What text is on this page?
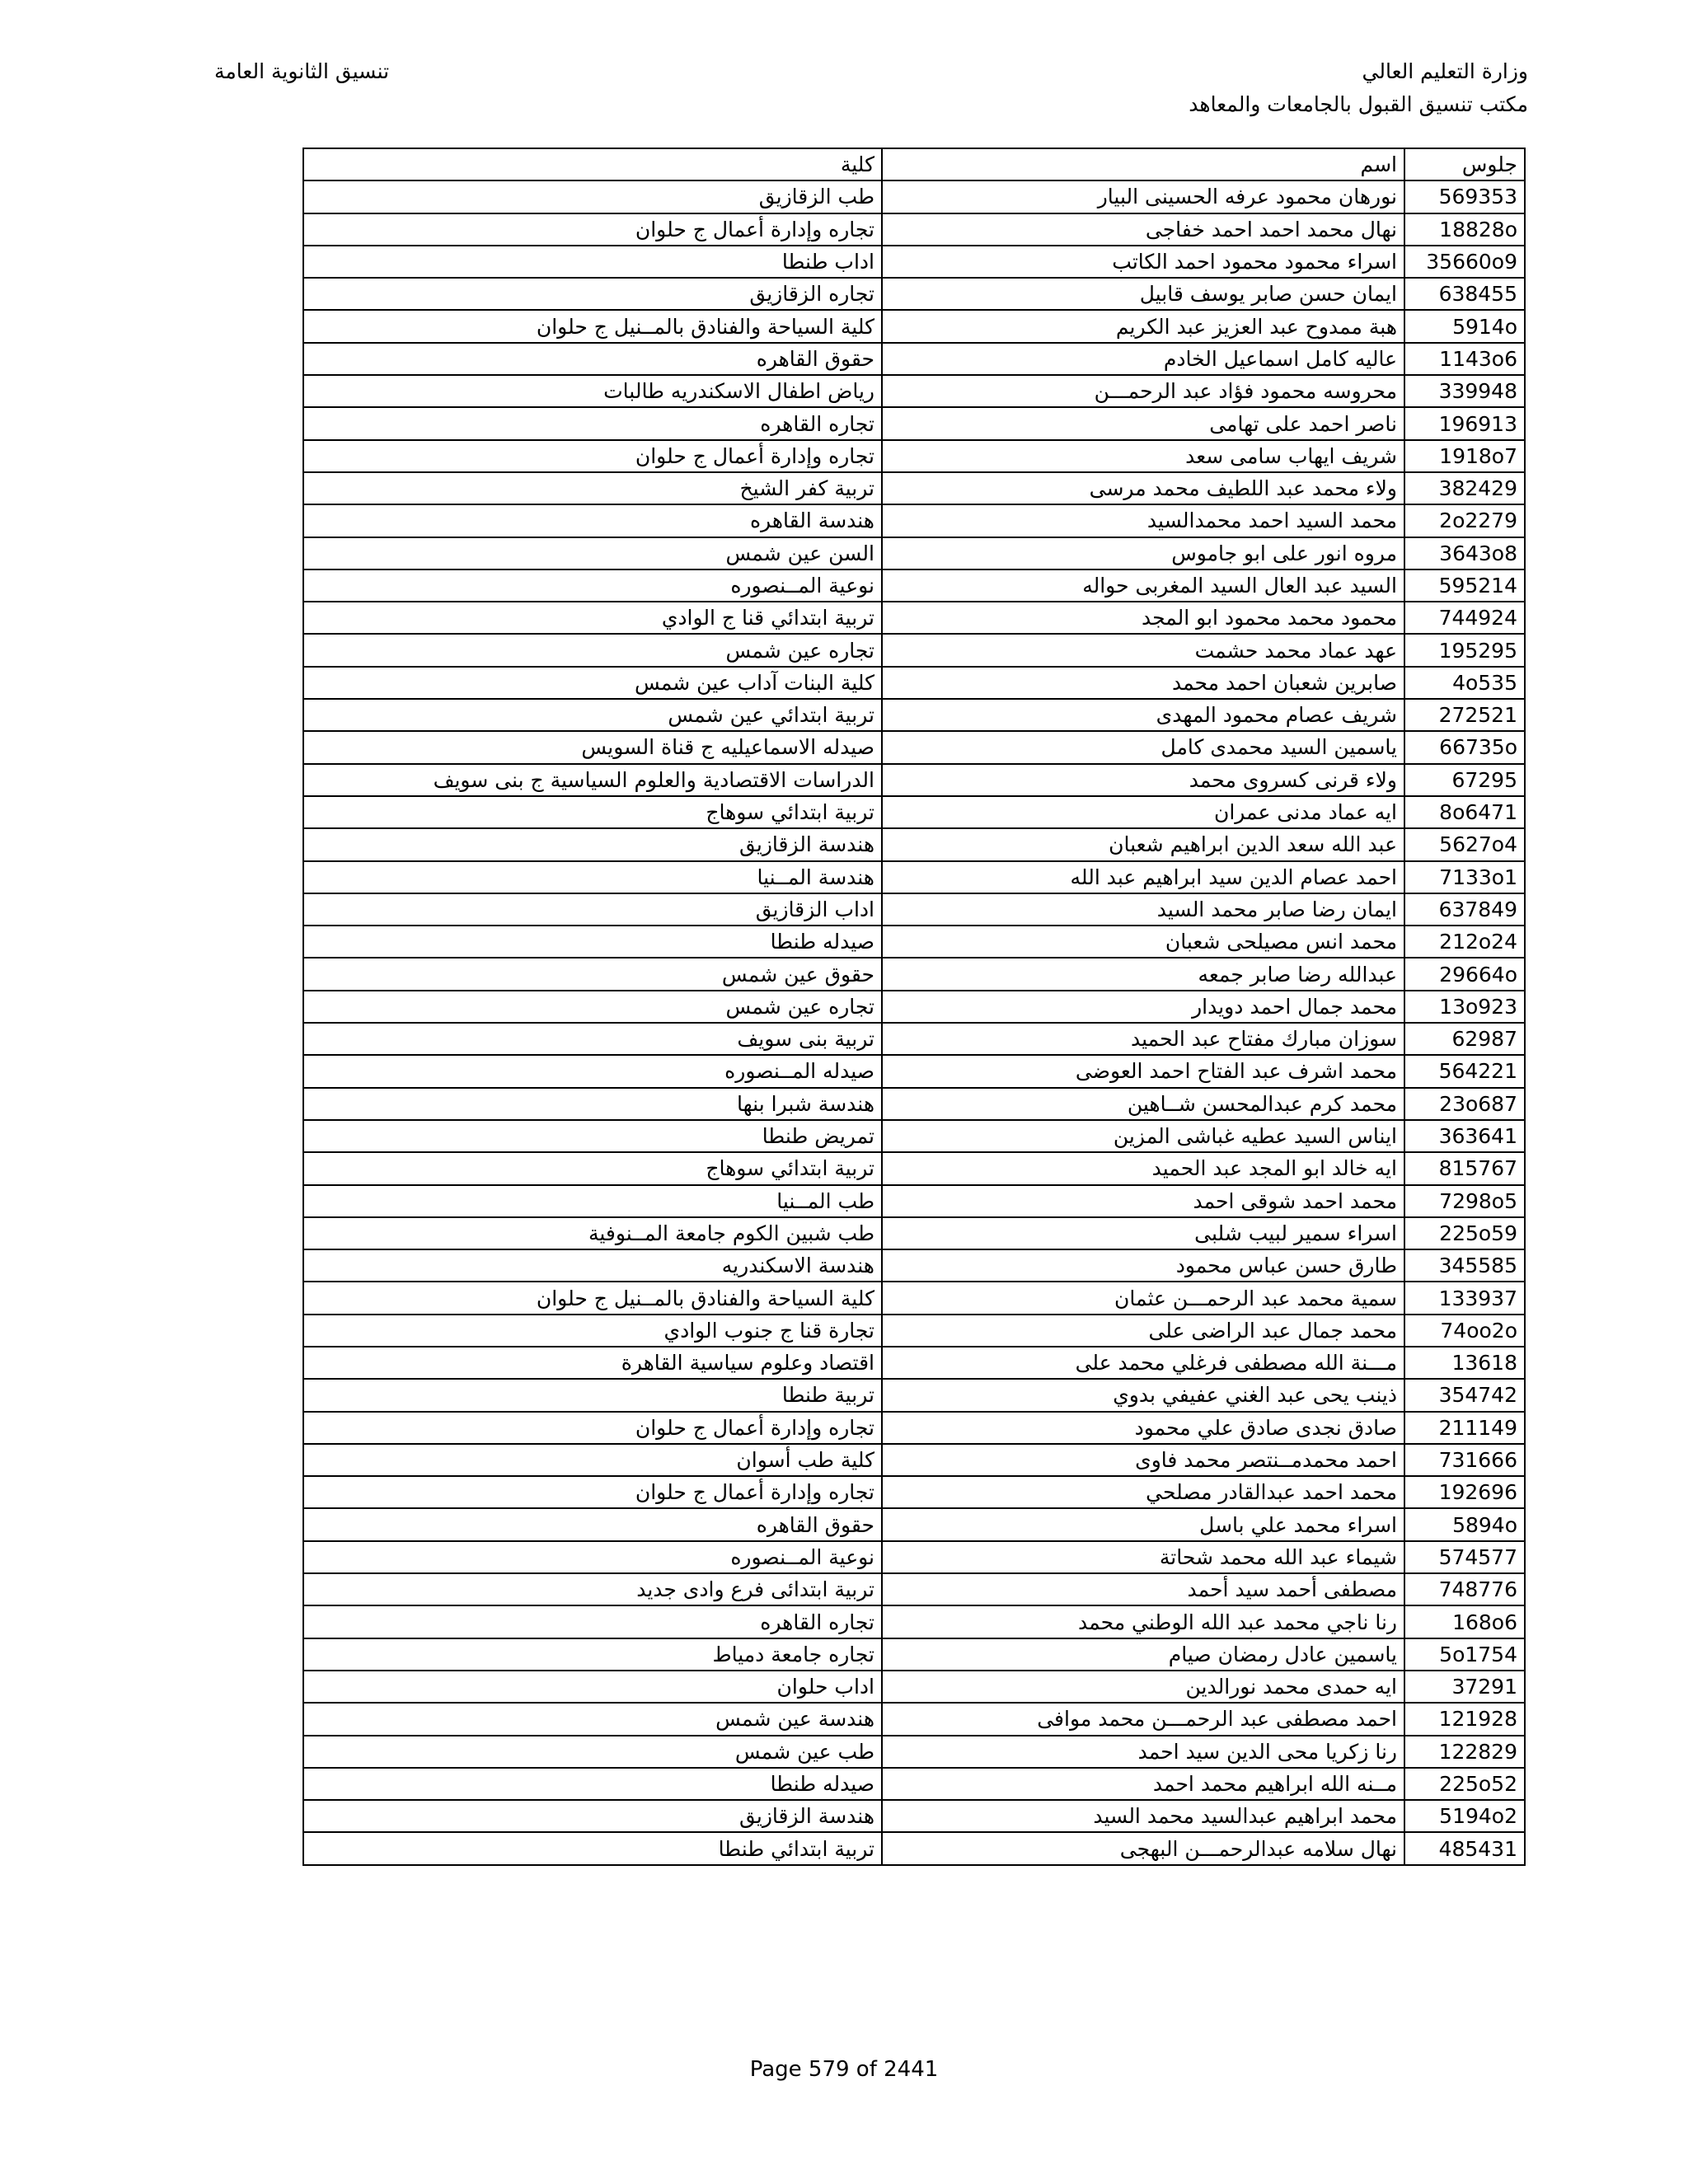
وزارة التعليم العالي
مكتب تنسيق القبول بالجامعات والمعاهد
تنسيق الثانوية العامة
جلوس	اسم	كلية
569353	نورهان محمود عرفه الحسينى البيار	طب الزقازيق
18828o	نهال محمد احمد احمد خفاجى	تجاره وإدارة أعمال ج حلوان
35660o9	اسراء محمود محمود احمد الكاتب	اداب طنطا
638455	ايمان حسن صابر يوسف قابيل	تجاره الزقازيق
5914o	هبة ممدوح عبد العزيز عبد الكريم	كلية السياحة والفنادق بالمــنيل ج حلوان
1143o6	عاليه كامل اسماعيل الخادم	حقوق القاهره
339948	محروسه محمود فؤاد عبد الرحمـــن	رياض اطفال الاسكندريه طالبات
196913	ناصر احمد على تهامى	تجاره القاهره
1918o7	شريف ايهاب سامى سعد	تجاره وإدارة أعمال ج حلوان
382429	ولاء محمد عبد اللطيف محمد مرسى	تربية كفر الشيخ
2o2279	محمد السيد احمد محمدالسيد	هندسة القاهره
3643o8	مروه انور على ابو جاموس	السن عين شمس
595214	السيد عبد العال السيد المغربى حواله	نوعية المــنصوره
744924	محمود محمد محمود ابو المجد	تربية ابتدائي قنا ج الوادي
195295	عهد عماد محمد حشمت	تجاره عين شمس
4o535	صابرين شعبان احمد محمد	كلية البنات آداب عين شمس
272521	شريف عصام محمود المهدى	تربية ابتدائي عين شمس
66735o	ياسمين السيد محمدى كامل	صيدله الاسماعيليه ج قناة السويس
67295	ولاء قرنى كسروى محمد	الدراسات الاقتصادية والعلوم السياسية ج بنى سويف
8o6471	ايه عماد مدنى عمران	تربية ابتدائي سوهاج
5627o4	عبد الله سعد الدين ابراهيم شعبان	هندسة الزقازيق
7133o1	احمد عصام الدين سيد ابراهيم عبد الله	هندسة المــنيا
637849	ايمان رضا صابر محمد السيد	اداب الزقازيق
212o24	محمد انس مصيلحى شعبان	صيدله طنطا
29664o	عبدالله رضا صابر جمعه	حقوق عين شمس
13o923	محمد جمال احمد دويدار	تجاره عين شمس
62987	سوزان مبارك مفتاح عبد الحميد	تربية بنى سويف
564221	محمد اشرف عبد الفتاح احمد العوضى	صيدله المــنصوره
23o687	محمد كرم عبدالمحسن شــاهين	هندسة شبرا بنها
363641	ايناس السيد عطيه غباشى المزين	تمريض طنطا
815767	ايه خالد ابو المجد عبد الحميد	تربية ابتدائي سوهاج
7298o5	محمد احمد شوقى احمد	طب المــنيا
225o59	اسراء سمير لبيب شلبى	طب شبين الكوم جامعة المــنوفية
345585	طارق حسن عباس محمود	هندسة الاسكندريه
133937	سمية محمد عبد الرحمـــن عثمان	كلية السياحة والفنادق بالمــنيل ج حلوان
74oo2o	محمد جمال عبد الراضى على	تجارة قنا ج جنوب الوادي
13618	مـــنة الله مصطفى فرغلي محمد على	اقتصاد وعلوم سياسية القاهرة
354742	ذينب يحى عبد الغني عفيفي بدوي	تربية طنطا
211149	صادق نجدى صادق علي محمود	تجاره وإدارة أعمال ج حلوان
731666	احمد محمدمــنتصر محمد فاوى	كلية طب أسوان
192696	محمد احمد عبدالقادر مصلحي	تجاره وإدارة أعمال ج حلوان
5894o	اسراء محمد علي باسل	حقوق القاهره
574577	شيماء عبد الله محمد شحاتة	نوعية المــنصوره
748776	مصطفى أحمد سيد أحمد	تربية ابتدائى فرع وادى جديد
168o6	رنا ناجي محمد عبد الله الوطني محمد	تجاره القاهره
5o1754	ياسمين عادل رمضان صيام	تجاره جامعة دمياط
37291	ايه حمدى محمد نورالدين	اداب حلوان
121928	احمد مصطفى عبد الرحمـــن محمد موافى	هندسة عين شمس
122829	رنا زكريا محى الدين سيد احمد	طب عين شمس
225o52	مــنه الله ابراهيم محمد احمد	صيدله طنطا
5194o2	محمد ابراهيم عبدالسيد محمد السيد	هندسة الزقازيق
485431	نهال سلامه عبدالرحمـــن البهجى	تربية ابتدائي طنطا
Page 579 of 2441
